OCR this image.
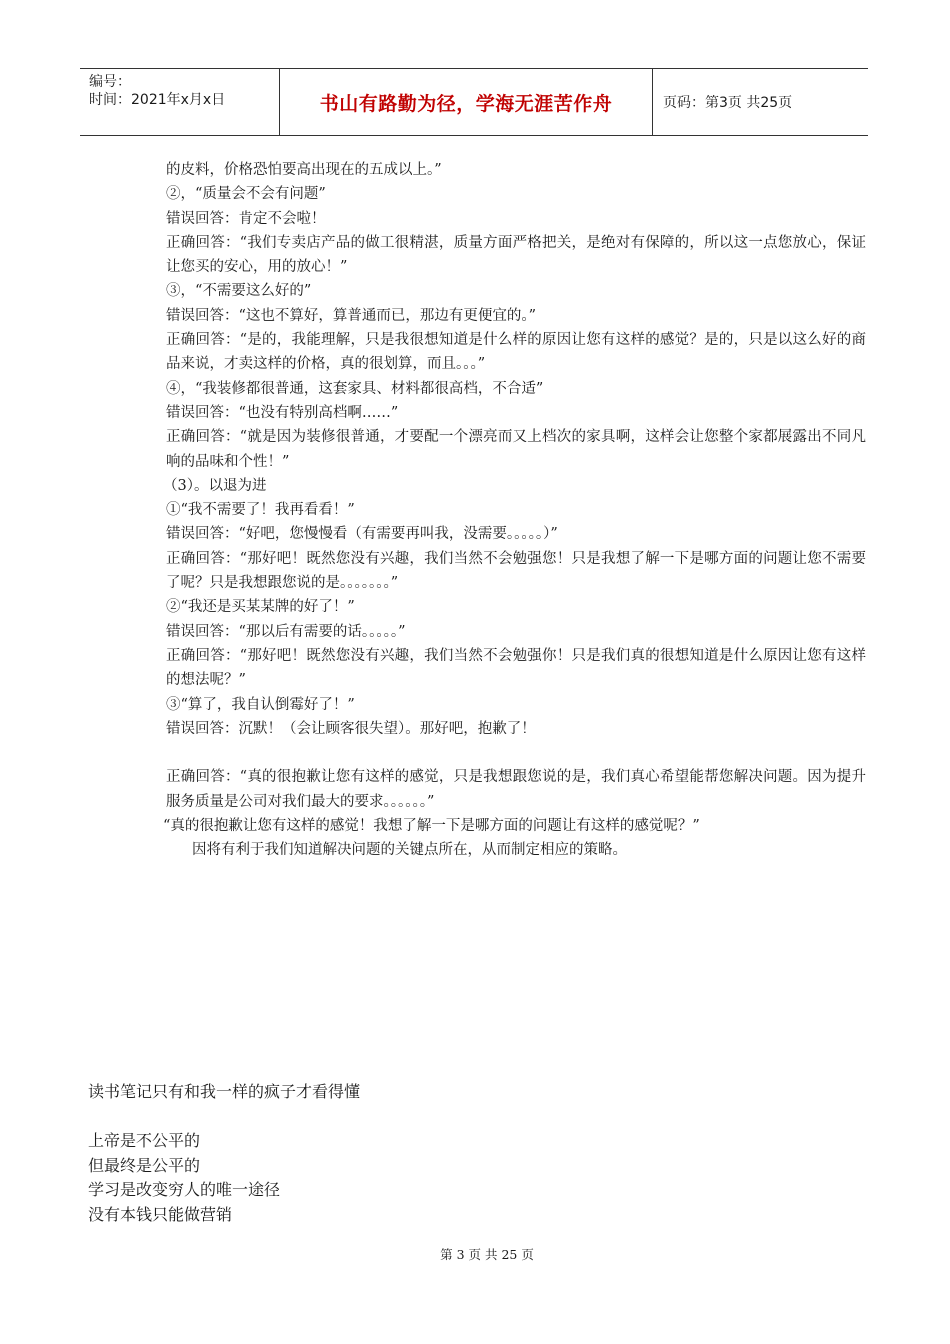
编号：
时间：2021年x月x日	书山有路勤为径，学海无涯苦作舟	页码：第3页 共25页

的皮料，价格恐怕要高出现在的五成以上。”

②，“质量会不会有问题”

错误回答：肯定不会啦！

正确回答：“我们专卖店产品的做工很精湛，质量方面严格把关，是绝对有保障的，所以这一点您放心，保证让您买的安心，用的放心！”

③，“不需要这么好的”

错误回答：“这也不算好，算普通而已，那边有更便宜的。”

正确回答：“是的，我能理解，只是我很想知道是什么样的原因让您有这样的感觉？是的，只是以这么好的商品来说，才卖这样的价格，真的很划算，而且。。。”

④，“我装修都很普通，这套家具、材料都很高档，不合适”

错误回答：“也没有特别高档啊……”

正确回答：“就是因为装修很普通，才要配一个漂亮而又上档次的家具啊，这样会让您整个家都展露出不同凡响的品味和个性！”

（3）。以退为进

①“我不需要了！我再看看！”

错误回答：“好吧，您慢慢看（有需要再叫我，没需要。。。。。）”

正确回答：“那好吧！既然您没有兴趣，我们当然不会勉强您！只是我想了解一下是哪方面的问题让您不需要了呢？只是我想跟您说的是。。。。。。。”

②“我还是买某某牌的好了！”

错误回答：“那以后有需要的话。。。。。”

正确回答：“那好吧！既然您没有兴趣，我们当然不会勉强你！只是我们真的很想知道是什么原因让您有这样的想法呢？”

③“算了，我自认倒霉好了！”

错误回答：沉默！（会让顾客很失望）。那好吧，抱歉了！

正确回答：“真的很抱歉让您有这样的感觉，只是我想跟您说的是，我们真心希望能帮您解决问题。因为提升服务质量是公司对我们最大的要求。。。。。。”

“真的很抱歉让您有这样的感觉！我想了解一下是哪方面的问题让有这样的感觉呢？”

因将有利于我们知道解决问题的关键点所在，从而制定相应的策略。

读书笔记只有和我一样的疯子才看得懂

上帝是不公平的

但最终是公平的

学习是改变穷人的唯一途径

没有本钱只能做营销

第 3 页 共 25 页
